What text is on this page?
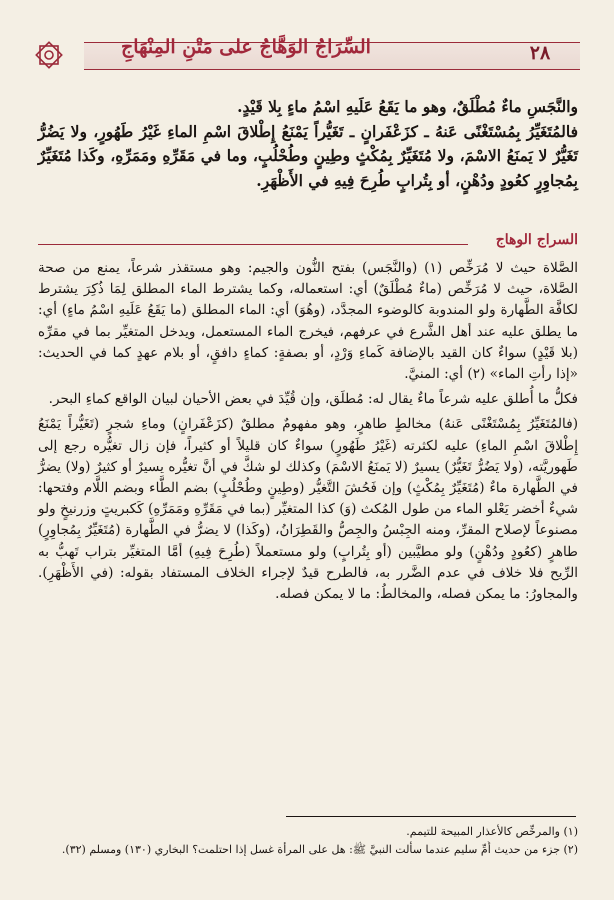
السِّرَاجُ الوَهَّاجُ على مَتْنِ المِنْهَاجِ	٢٨

والنَّجَسِ ماءٌ مُطْلَقٌ، وهو ما يَقَعُ عَلَيهِ اسْمُ ماءٍ بِلا قَيْدٍ.

فالمُتَغَيِّرُ بِمُسْتَغْنًى عَنهُ ـ كزَعْفَرانٍ ـ تَغَيُّراً يَمْنَعُ إِطْلاقَ اسْمِ الماءِ غَيْرُ طَهُورٍ، ولا يَضُرُّ تَغَيُّرٌ لا يَمنَعُ الاسْمَ، ولا مُتَغَيِّرٌ بِمُكْثٍ وطِينٍ وطُحْلُبٍ، وما في مَقَرِّهِ ومَمَرِّهِ، وكَذا مُتَغَيِّرٌ بِمُجاوِرٍ كعُودٍ ودُهْنٍ، أو بِتُرابٍ طُرِحَ فِيهِ في الأَظْهَرِ.

السراج الوهاج

الصَّلاة حيث لا مُرَخِّص (١) (والنَّجَس) بفتح النُّون والجيم: وهو مستقذر شرعاً، يمنع من صحة الصَّلاة، حيث لا مُرَخِّص (ماءٌ مُطْلَقٌ) أي: استعماله، وكما يشترط الماء المطلق لِمَا ذُكِرَ يشترط لكافَّة الطَّهارة ولو المندوبة كالوضوء المجدَّد، (وهُوَ) أي: الماء المطلق (ما يَقَعُ عَلَيهِ اسْمُ ماءٍ) أي: ما يطلق عليه عند أهل الشَّرع في عرفهم، فيخرج الماء المستعمل، ويدخل المتغيِّر بما في مقرِّه (بلا قَيْدٍ) سواءٌ كان القيد بالإضافة كَماءِ وَرْدٍ، أو بصفةٍ: كماءٍ دافقٍ، أو بلام عهدٍ كما في الحديث: «إذا رأتِ الماء» (٢) أي: المنيَّ.

فكلُّ ما أُطلق عليه شرعاً ماءٌ يقال له: مُطلَق، وإن قُيِّدَ في بعض الأحيان لبيان الواقع كماءِ البحر.

(فالمُتَغَيِّرُ بِمُسْتَغْنًى عَنهُ) مخالطٍ طاهرٍ، وهو مفهومٌ مطلقٌ (كزَعْفَرانٍ) وماءِ شجرٍ (تَغَيُّراً يَمْنَعُ إِطْلاقَ اسْمِ الماءِ) عليه لكثرته (غَيْرُ طَهُورٍ) سواءٌ كان قليلاً أو كثيراً، فإن زال تغيُّره رجع إلى طَهوريَّته، (ولا يَضُرُّ تَغَيُّرٌ) يسيرٌ (لا يَمنَعُ الاسْمَ) وكذلك لو شكَّ في أنَّ تغيُّره يسيرٌ أو كثيرٌ (ولا) يضرُّ في الطَّهارة ماءٌ (مُتَغَيِّرٌ بِمُكْثٍ) وإن فَحُشَ التَّغيُّر (وطِينٍ وطُحْلُبٍ) بضم الطَّاء وبضم اللَّام وفتحها: شيءٌ أخضر يَعْلو الماء من طول المُكث (وَ) كذا المتغيِّر (بما في مَقَرِّهِ ومَمَرِّهِ) كَكبريتٍ وزرنيخٍ ولو مصنوعاً لإصلاح المقرِّ، ومنه الجِبْسُ والجِصُّ والقَطِرَانُ، (وكَذا) لا يضرُّ في الطَّهارة (مُتَغَيِّرٌ بِمُجاوِرٍ) طاهرٍ (كعُودٍ ودُهْنٍ) ولو مطيَّبين (أو بِتُرابٍ) ولو مستعملاً (طُرِحَ فِيهِ) أمَّا المتغيِّر بتراب تَهبُّ به الرِّيح فلا خلاف في عدم الضَّرر به، فالطرح قيدٌ لإجراء الخلاف المستفاد بقوله: (في الأَظْهَرِ). والمجاورُ: ما يمكن فصله، والمخالطُ: ما لا يمكن فصله.

(١) والمرخِّص كالأعذار المبيحة للتيمم.
(٢) جزء من حديث أُمِّ سليم عندما سألت النبيَّ ﷺ: هل على المرأة غسل إذا احتلمت؟ البخاري (١٣٠) ومسلم (٣٢).
